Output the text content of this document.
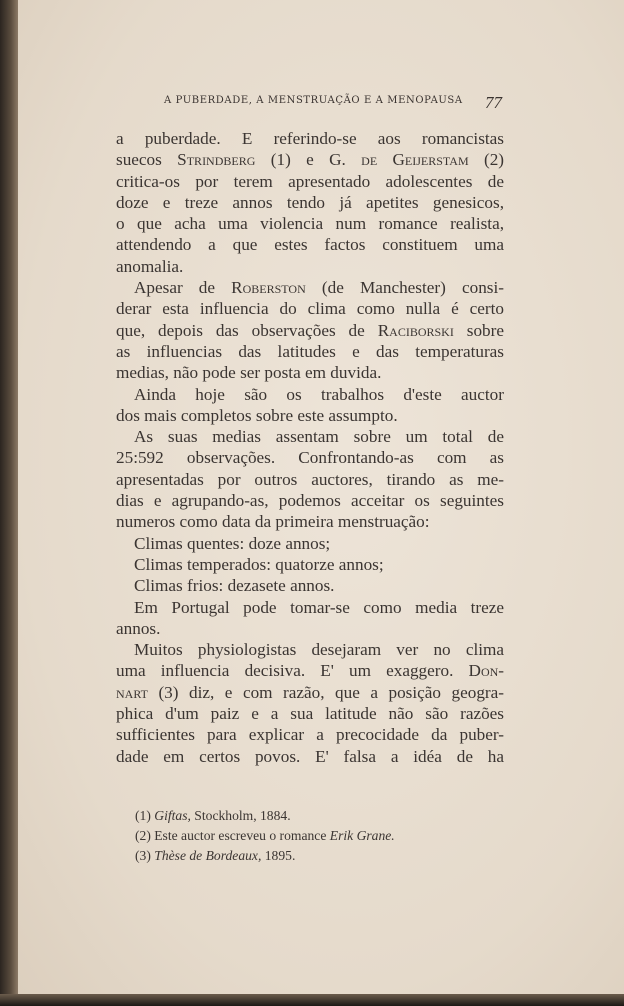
A PUBERDADE, A MENSTRUAÇÃO E A MENOPAUSA	77
a puberdade. E referindo-se aos romancistas
suecos Strindberg (1) e G. de Geijerstam (2)
critica-os por terem apresentado adolescentes de
doze e treze annos tendo já apetites genesicos,
o que acha uma violencia num romance realista,
attendendo a que estes factos constituem uma
anomalia.
Apesar de Roberston (de Manchester) consi-
derar esta influencia do clima como nulla é certo
que, depois das observações de Raciborski sobre
as influencias das latitudes e das temperaturas
medias, não pode ser posta em duvida.
Ainda hoje são os trabalhos d'este auctor
dos mais completos sobre este assumpto.
As suas medias assentam sobre um total de
25:592 observações. Confrontando-as com as
apresentadas por outros auctores, tirando as me-
dias e agrupando-as, podemos acceitar os seguintes
numeros como data da primeira menstruação:
Climas quentes: doze annos;
Climas temperados: quatorze annos;
Climas frios: dezasete annos.
Em Portugal pode tomar-se como media treze
annos.
Muitos physiologistas desejaram ver no clima
uma influencia decisiva. E' um exaggero. Don-
nart (3) diz, e com razão, que a posição geogra-
phica d'um paiz e a sua latitude não são razões
sufficientes para explicar a precocidade da puber-
dade em certos povos. E' falsa a idéa de ha
(1) Giftas, Stockholm, 1884.
(2) Este auctor escreveu o romance Erik Grane.
(3) Thèse de Bordeaux, 1895.
